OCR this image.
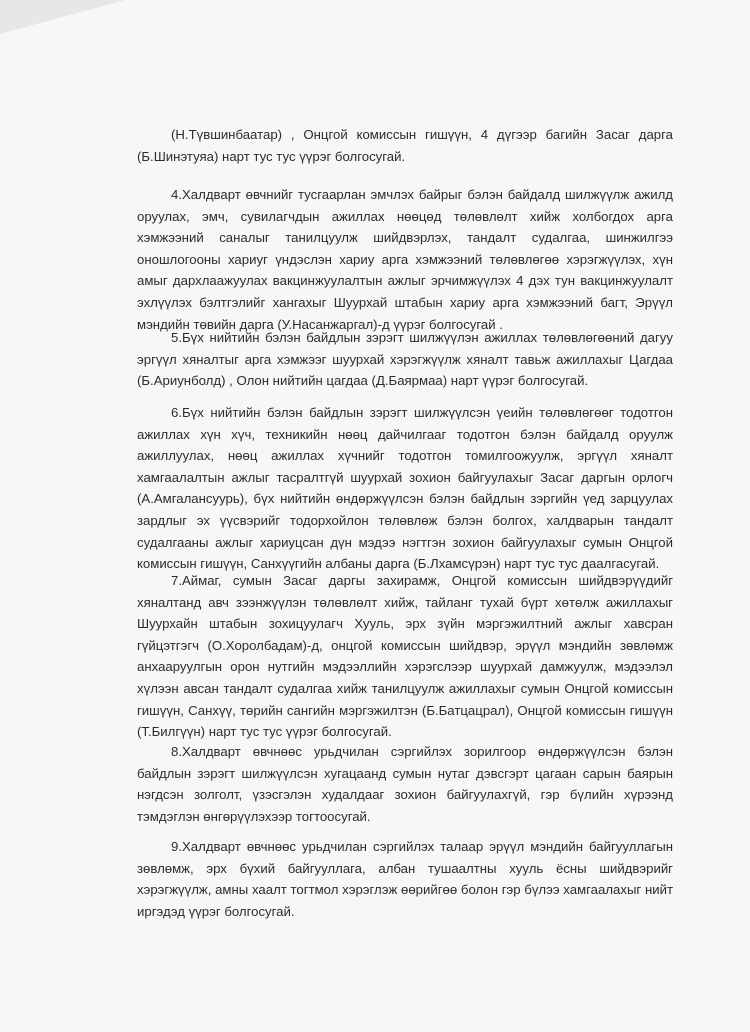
(Н.Түвшинбаатар) , Онцгой комиссын гишүүн, 4 дүгээр багийн Засаг дарга (Б.Шинэтуяа) нарт тус тус үүрэг болгосугай.

4.Халдварт өвчнийг тусгаарлан эмчлэх байрыг бэлэн байдалд шилжүүлж ажилд оруулах, эмч, сувилагчдын ажиллах нөөцөд төлөвлөлт хийж холбогдох арга хэмжээний саналыг танилцуулж шийдвэрлэх, тандалт судалгаа, шинжилгээ оношлогооны хариуг үндэслэн хариу арга хэмжээний төлөвлөгөө хэрэгжүүлэх, хүн амыг дархлаажуулах вакцинжуулалтын ажлыг эрчимжүүлэх 4 дэх тун вакцинжуулалт эхлүүлэх бэлтгэлийг хангахыг Шуурхай штабын хариу арга хэмжээний багт, Эрүүл мэндийн төвийн дарга (У.Насанжаргал)-д үүрэг болгосугай .

5.Бүх нийтийн бэлэн байдлын зэрэгт шилжүүлэн ажиллах төлөвлөгөөний дагуу эргүүл хяналтыг арга хэмжээг шуурхай хэрэгжүүлж хяналт тавьж ажиллахыг Цагдаа (Б.Ариунболд) , Олон нийтийн цагдаа (Д.Баярмаа) нарт үүрэг болгосугай.

6.Бүх нийтийн бэлэн байдлын зэрэгт шилжүүлсэн үеийн төлөвлөгөөг тодотгон ажиллах хүн хүч, техникийн нөөц дайчилгааг тодотгон бэлэн байдалд оруулж ажиллуулах, нөөц ажиллах хүчнийг тодотгон томилгоожуулж, эргүүл хяналт хамгаалалтын ажлыг тасралтгүй шуурхай зохион байгуулахыг Засаг даргын орлогч (А.Амгалансуурь), бүх нийтийн өндөржүүлсэн бэлэн байдлын зэргийн үед зарцуулах зардлыг эх үүсвэрийг тодорхойлон төлөвлөж бэлэн болгох, халдварын тандалт судалгааны ажлыг хариуцсан дүн мэдээ нэгтгэн зохион байгуулахыг сумын Онцгой комиссын гишүүн, Санхүүгийн албаны дарга (Б.Лхамсүрэн) нарт тус тус даалгасугай.

7.Аймаг, сумын Засаг даргы захирамж, Онцгой комиссын шийдвэрүүдийг хяналтанд авч зээнжүүлэн төлөвлөлт хийж, тайланг тухай бүрт хөтөлж ажиллахыг Шуурхайн штабын зохицуулагч Хууль, эрх зүйн мэргэжилтний ажлыг хавсран гүйцэтгэгч (О.Хоролбадам)-д, онцгой комиссын шийдвэр, эрүүл мэндийн зөвлөмж анхааруулгын орон нутгийн мэдээллийн хэрэгслээр шуурхай дамжуулж, мэдээлэл хүлээн авсан тандалт судалгаа хийж танилцуулж ажиллахыг сумын Онцгой комиссын гишүүн, Санхүү, төрийн сангийн мэргэжилтэн (Б.Батцацрал), Онцгой комиссын гишүүн (Т.Билгүүн) нарт тус тус үүрэг болгосугай.

8.Халдварт өвчнөөс урьдчилан сэргийлэх зорилгоор өндөржүүлсэн бэлэн байдлын зэрэгт шилжүүлсэн хугацаанд сумын нутаг дэвсгэрт цагаан сарын баярын нэгдсэн золголт, үзэсгэлэн худалдааг зохион байгуулахгүй, гэр бүлийн хүрээнд тэмдэглэн өнгөрүүлэхээр тогтоосугай.

9.Халдварт өвчнөөс урьдчилан сэргийлэх талаар эрүүл мэндийн байгууллагын зөвлөмж, эрх бүхий байгууллага, албан тушаалтны хууль ёсны шийдвэрийг хэрэгжүүлж, амны хаалт тогтмол хэрэглэж өөрийгөө болон гэр бүлээ хамгаалахыг нийт иргэдэд үүрэг болгосугай.
